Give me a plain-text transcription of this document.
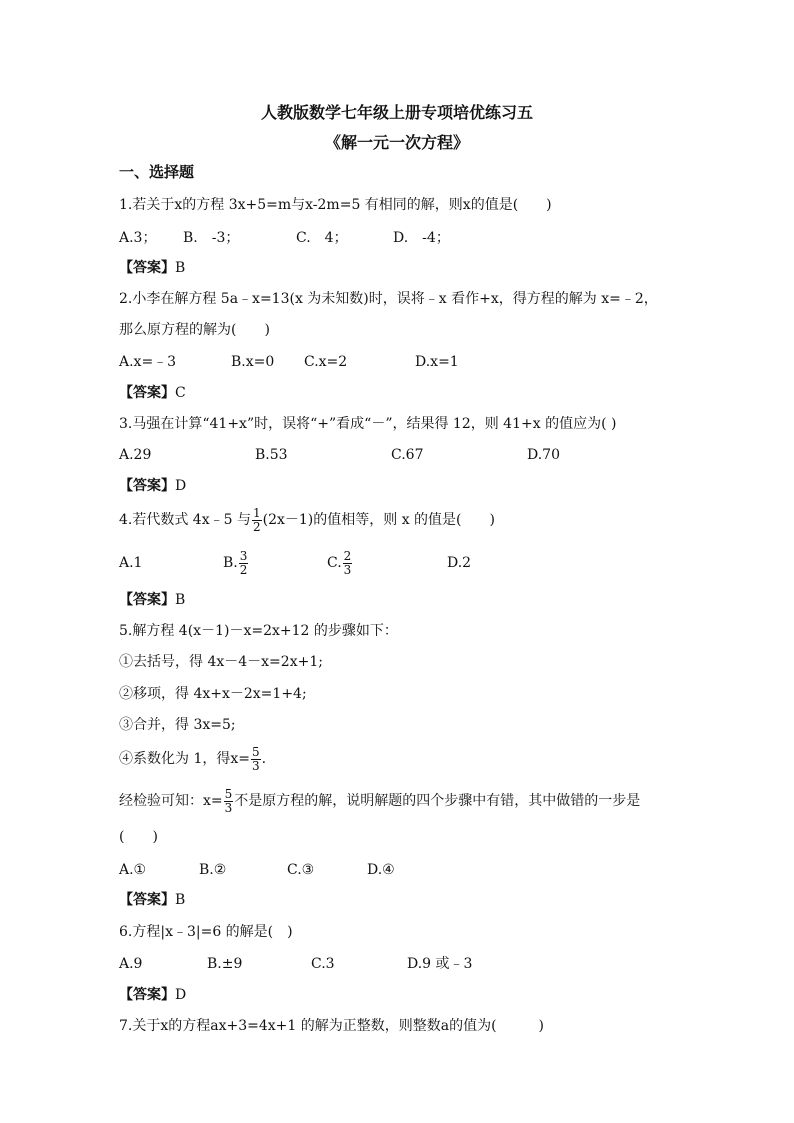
人教版数学七年级上册专项培优练习五
《解一元一次方程》
一、选择题
1.若关于x的方程 3x+5=m与x-2m=5 有相同的解，则x的值是(　　)
A.3； B.　-3；	C.　4；	D.　-4；
【答案】B
2.小李在解方程 5a﹣x=13(x 为未知数)时，误将﹣x 看作+x，得方程的解为 x=﹣2，
那么原方程的解为(　　)
A.x=﹣3	B.x=0 C.x=2	D.x=1
【答案】C
3.马强在计算“41+x”时，误将“+”看成“－”，结果得 12，则 41+x 的值应为( )
A.29	B.53	C.67	D.70
【答案】D
4.若代数式 4x﹣5 与 $\frac{1}{2} (2x-1)$的值相等，则 x 的值是(　　)
A.1	B. $\frac{3}{2}$	C. $\frac{2}{3}$	D.2
【答案】B
5.解方程 4(x－1)－x=2x+12 的步骤如下：
①去括号，得 4x－4－x=2x+1;
②移项，得 4x+x－2x=1+4;
③合并，得 3x=5;
④系数化为 1，得$x= \frac{5}{3}$ .
经检验可知：$x= \frac{5}{3}$ 不是原方程的解，说明解题的四个步骤中有错，其中做错的一步是
(　　)
A.①	B.②	C.③	D.④
【答案】B
6.方程|x﹣3|=6 的解是(　)
A.9	B.±9	C.3	D.9 或﹣3
【答案】D
7.关于x的方程ax+3=4x+1 的解为正整数，则整数a的值为(　　　)
